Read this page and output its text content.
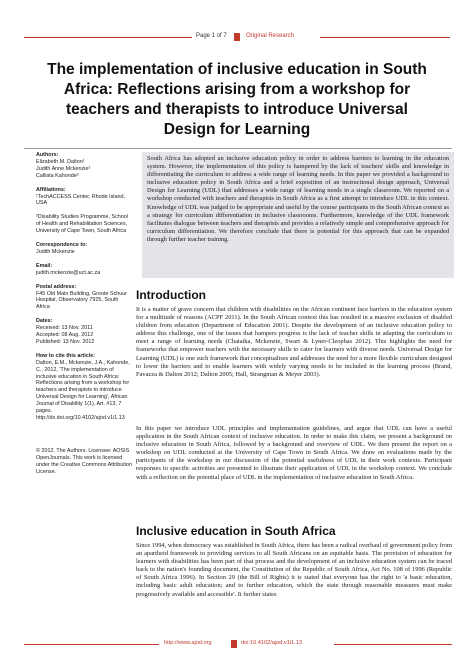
Page 1 of 7	Original Research
The implementation of inclusive education in South Africa: Reflections arising from a workshop for teachers and therapists to introduce Universal Design for Learning
Authors:
Elizabeth M. Dalton¹
Judith Anne Mckenzie²
Callista Kahonde²
Affiliations:
¹TechACCESS Center, Rhode Island, USA

²Disability Studies Programme, School of Health and Rehabilitation Sciences, University of Cape Town, South Africa
Correspondence to:
Judith Mckenzie
Email:
judith.mckenzie@uct.ac.za
Postal address:
F45 Old Main Building, Groote Schuur Hospital, Observatory 7925, South Africa
Dates:
Received: 13 Nov. 2011
Accepted: 08 Aug. 2012
Published: 13 Nov. 2012
How to cite this article:
Dalton, E.M., Mckenzie, J.A., Kahonde, C., 2012, 'The implementation of inclusive education in South Africa: Reflections arising from a workshop for teachers and therapists to introduce Universal Design for Learning', African Journal of Disability 1(1), Art. #13, 7 pages. http://dx.doi.org/10.4102/ajod.v1i1.13
© 2012. The Authors. Licensee: AOSIS OpenJournals. This work is licensed under the Creative Commons Attribution License.
South Africa has adopted an inclusive education policy in order to address barriers to learning in the education system. However, the implementation of this policy is hampered by the lack of teachers' skills and knowledge in differentiating the curriculum to address a wide range of learning needs. In this paper we provided a background to inclusive education policy in South Africa and a brief exposition of an instructional design approach, Universal Design for Learning (UDL) that addresses a wide range of learning needs in a single classroom. We reported on a workshop conducted with teachers and therapists in South Africa as a first attempt to introduce UDL in this context. Knowledge of UDL was judged to be appropriate and useful by the course participants in the South African context as a strategy for curriculum differentiation in inclusive classrooms. Furthermore, knowledge of the UDL framework facilitates dialogue between teachers and therapists and provides a relatively simple and comprehensive approach for curriculum differentiation. We therefore conclude that there is potential for this approach that can be expanded through further teacher training.
Introduction

It is a matter of grave concern that children with disabilities on the African continent face barriers in the education system for a multitude of reasons (ACPF 2011). In the South African context this has resulted in a massive exclusion of disabled children from education (Department of Education 2001). Despite the development of an inclusive education policy to address this challenge, one of the issues that hampers progress is the lack of teacher skills in adapting the curriculum to meet a range of learning needs (Chataika, Mckenzie, Swart & Lyner-Cleophas 2012). This highlights the need for frameworks that empower teachers with the necessary skills to cater for learners with diverse needs. Universal Design for Learning (UDL) is one such framework that conceptualises and addresses the need for a more flexible curriculum designed to lower the barriers and to enable learners with widely varying needs to be included in the learning process (Brand, Favazza & Dalton 2012; Dalton 2005; Hall, Strangman & Meyer 2003).

In this paper we introduce UDL principles and implementation guidelines, and argue that UDL can have a useful application in the South African context of inclusive education. In order to make this claim, we present a background on inclusive education in South Africa, followed by a background and overview of UDL. We then present the report on a workshop on UDL conducted at the University of Cape Town in South Africa. We draw on evaluations made by the participants of the workshop in our discussion of the potential usefulness of UDL in their work contexts. Participant responses to specific activities are presented to illustrate their application of UDL in the workshop context. We conclude with a reflection on the potential place of UDL in the implementation of inclusive education in South Africa.

Inclusive education in South Africa

Since 1994, when democracy was established in South Africa, there has been a radical overhaul of government policy from an apartheid framework to providing services to all South Africans on an equitable basis. The provision of education for learners with disabilities has been part of that process and the development of an inclusive education system can be traced back to the nation's founding document, the Constitution of the Republic of South Africa, Act No. 108 of 1996 (Republic of South Africa 1996). In Section 29 (the Bill of Rights) it is stated that everyone has the right to 'a basic education, including basic adult education; and to further education, which the state through reasonable measures must make progressively available and accessible'. It further states

http://www.ajod.org	doi:10.4102/ajod.v1i1.13
